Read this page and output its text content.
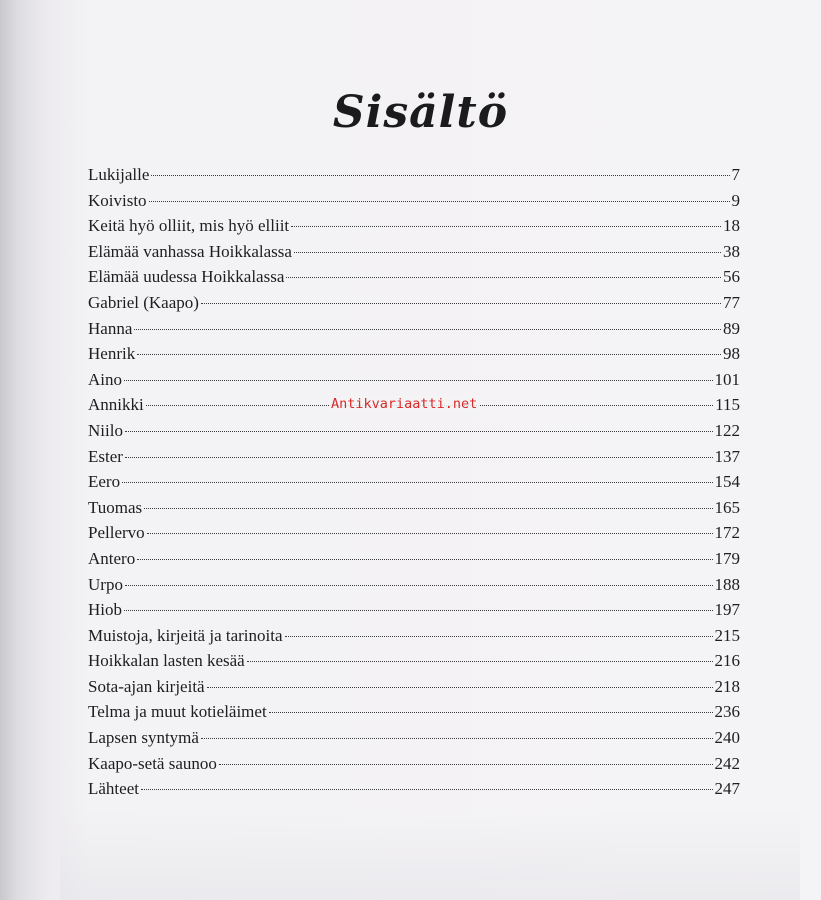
Sisältö
Lukijalle	7
Koivisto	9
Keitä hyö olliit, mis hyö elliit	18
Elämää vanhassa Hoikkalassa	38
Elämää uudessa Hoikkalassa	56
Gabriel (Kaapo)	77
Hanna	89
Henrik	98
Aino	101
Annikki	115
Niilo	122
Ester	137
Eero	154
Tuomas	165
Pellervo	172
Antero	179
Urpo	188
Hiob	197
Muistoja, kirjeitä ja tarinoita	215
Hoikkalan lasten kesää	216
Sota-ajan kirjeitä	218
Telma ja muut kotieläimet	236
Lapsen syntymä	240
Kaapo-setä saunoo	242
Lähteet	247
Antikvariaatti.net
